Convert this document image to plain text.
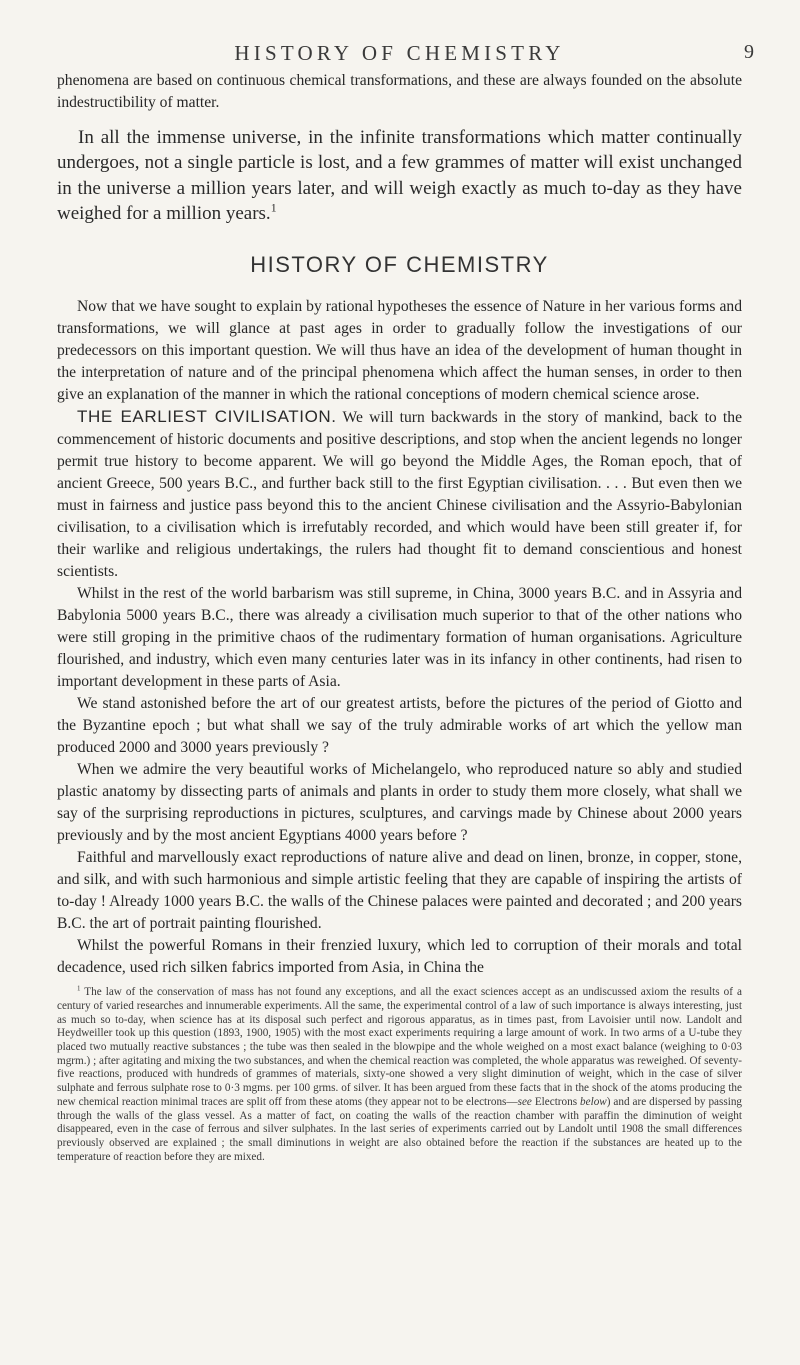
HISTORY OF CHEMISTRY	9

phenomena are based on continuous chemical transformations, and these are always founded on the absolute indestructibility of matter.

In all the immense universe, in the infinite transformations which matter continually undergoes, not a single particle is lost, and a few grammes of matter will exist unchanged in the universe a million years later, and will weigh exactly as much to-day as they have weighed for a million years.$^1$

HISTORY OF CHEMISTRY

Now that we have sought to explain by rational hypotheses the essence of Nature in her various forms and transformations, we will glance at past ages in order to gradually follow the investigations of our predecessors on this important question. We will thus have an idea of the development of human thought in the interpretation of nature and of the principal phenomena which affect the human senses, in order to then give an explanation of the manner in which the rational conceptions of modern chemical science arose.

THE EARLIEST CIVILISATION. We will turn backwards in the story of mankind, back to the commencement of historic documents and positive descriptions, and stop when the ancient legends no longer permit true history to become apparent. We will go beyond the Middle Ages, the Roman epoch, that of ancient Greece, 500 years B.C., and further back still to the first Egyptian civilisation. . . . But even then we must in fairness and justice pass beyond this to the ancient Chinese civilisation and the Assyrio-Babylonian civilisation, to a civilisation which is irrefutably recorded, and which would have been still greater if, for their warlike and religious undertakings, the rulers had thought fit to demand conscientious and honest scientists.

Whilst in the rest of the world barbarism was still supreme, in China, 3000 years B.C. and in Assyria and Babylonia 5000 years B.C., there was already a civilisation much superior to that of the other nations who were still groping in the primitive chaos of the rudimentary formation of human organisations. Agriculture flourished, and industry, which even many centuries later was in its infancy in other continents, had risen to important development in these parts of Asia.

We stand astonished before the art of our greatest artists, before the pictures of the period of Giotto and the Byzantine epoch ; but what shall we say of the truly admirable works of art which the yellow man produced 2000 and 3000 years previously ?

When we admire the very beautiful works of Michelangelo, who reproduced nature so ably and studied plastic anatomy by dissecting parts of animals and plants in order to study them more closely, what shall we say of the surprising reproductions in pictures, sculptures, and carvings made by Chinese about 2000 years previously and by the most ancient Egyptians 4000 years before ?

Faithful and marvellously exact reproductions of nature alive and dead on linen, bronze, in copper, stone, and silk, and with such harmonious and simple artistic feeling that they are capable of inspiring the artists of to-day ! Already 1000 years B.C. the walls of the Chinese palaces were painted and decorated ; and 200 years B.C. the art of portrait painting flourished.

Whilst the powerful Romans in their frenzied luxury, which led to corruption of their morals and total decadence, used rich silken fabrics imported from Asia, in China the

$^1$ The law of the conservation of mass has not found any exceptions, and all the exact sciences accept as an undiscussed axiom the results of a century of varied researches and innumerable experiments. All the same, the experimental control of a law of such importance is always interesting, just as much so to-day, when science has at its disposal such perfect and rigorous apparatus, as in times past, from Lavoisier until now. Landolt and Heydweiller took up this question (1893, 1900, 1905) with the most exact experiments requiring a large amount of work. In two arms of a U-tube they placed two mutually reactive substances ; the tube was then sealed in the blowpipe and the whole weighed on a most exact balance (weighing to 0·03 mgrm.) ; after agitating and mixing the two substances, and when the chemical reaction was completed, the whole apparatus was reweighed. Of seventy-five reactions, produced with hundreds of grammes of materials, sixty-one showed a very slight diminution of weight, which in the case of silver sulphate and ferrous sulphate rose to 0·3 mgms. per 100 grms. of silver. It has been argued from these facts that in the shock of the atoms producing the new chemical reaction minimal traces are split off from these atoms (they appear not to be electrons—see Electrons below) and are dispersed by passing through the walls of the glass vessel. As a matter of fact, on coating the walls of the reaction chamber with paraffin the diminution of weight disappeared, even in the case of ferrous and silver sulphates. In the last series of experiments carried out by Landolt until 1908 the small differences previously observed are explained ; the small diminutions in weight are also obtained before the reaction if the substances are heated up to the temperature of reaction before they are mixed.
